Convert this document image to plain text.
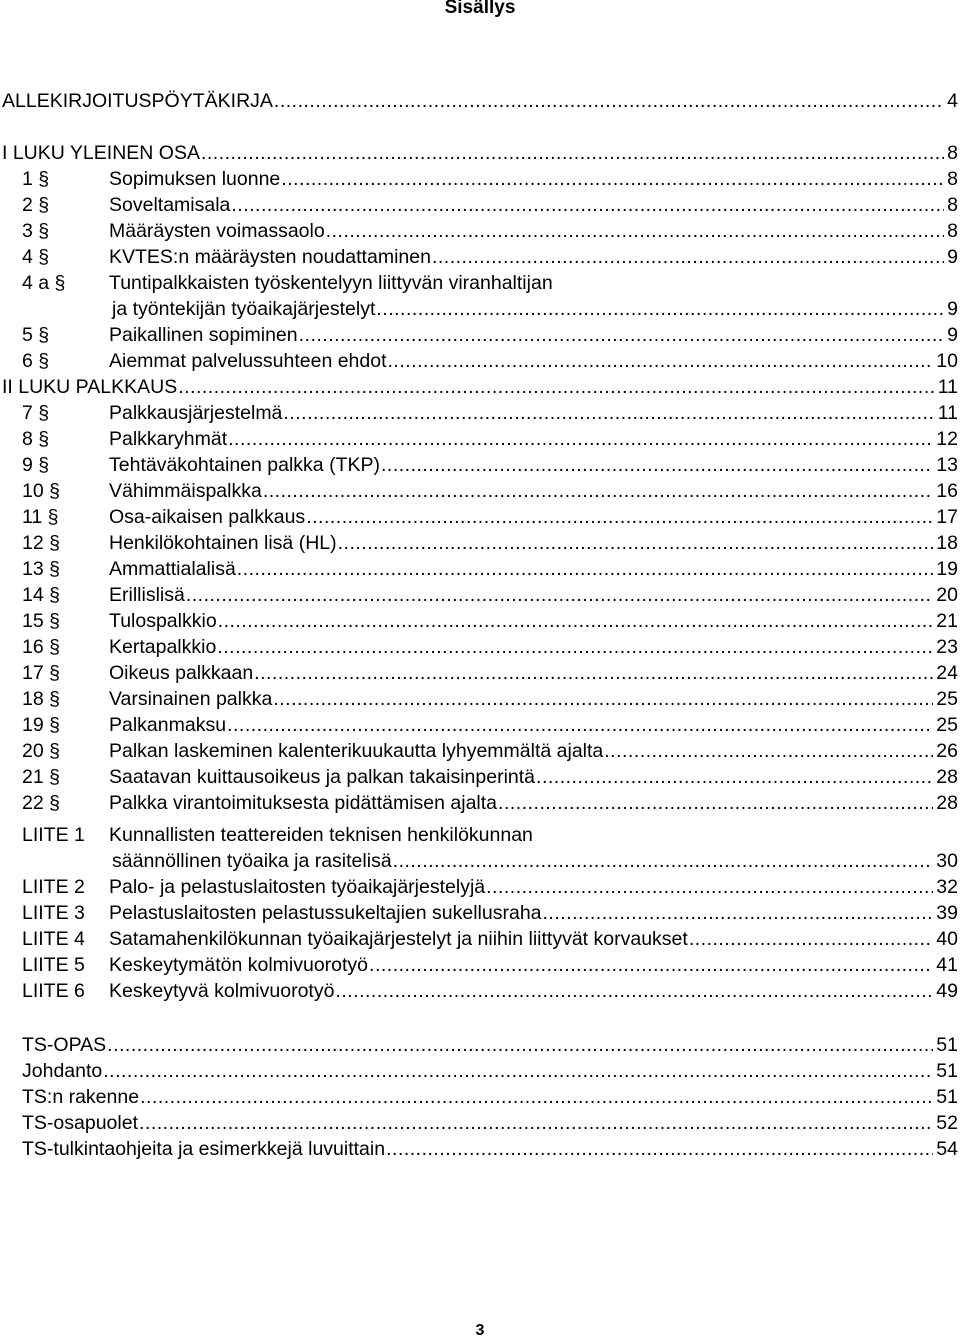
Sisällys
ALLEKIRJOITUSPÖYTÄKIRJA .....	4
I LUKU YLEINEN OSA .....	8
1 §	Sopimuksen luonne .....	8
2 §	Soveltamisala .....	8
3 §	Määräysten voimassaolo .....	8
4 §	KVTES:n määräysten noudattaminen .....	9
4 a § Tuntipalkkaisten työskentelyyn liittyvän viranhaltijan
ja työntekijän työaikajärjestelyt .....	9
5 §	Paikallinen sopiminen .....	9
6 §	Aiemmat palvelussuhteen ehdot .....	10
II LUKU PALKKAUS .....	11
7 §	Palkkausjärjestelmä .....	11
8 §	Palkkaryhmät .....	12
9 §	Tehtäväkohtainen palkka (TKP) .....	13
10 §	Vähimmäispalkka .....	16
11 §	Osa-aikaisen palkkaus .....	17
12 §	Henkilökohtainen lisä (HL) .....	18
13 §	Ammattialalisä .....	19
14 §	Erillislisä .....	20
15 §	Tulospalkkio .....	21
16 §	Kertapalkkio .....	23
17 §	Oikeus palkkaan .....	24
18 §	Varsinainen palkka .....	25
19 §	Palkanmaksu .....	25
20 §	Palkan laskeminen kalenterikuukautta lyhyemmältä ajalta .....	26
21 §	Saatavan kuittausoikeus ja palkan takaisinperintä .....	28
22 §	Palkka virantoimituksesta pidättämisen ajalta .....	28
LIITE 1 Kunnallisten teattereiden teknisen henkilökunnan
säännöllinen työaika ja rasitelisä .....	30
LIITE 2 Palo- ja pelastuslaitosten työaikajärjestelyjä .....	32
LIITE 3 Pelastuslaitosten pelastussukeltajien sukellusraha .....	39
LIITE 4 Satamahenkilökunnan työaikajärjestelyt ja niihin liittyvät korvaukset .....	40
LIITE 5 Keskeytymätön kolmivuorotyö .....	41
LIITE 6 Keskeytyvä kolmivuorotyö .....	49
TS-OPAS .....	51
Johdanto .....	51
TS:n rakenne .....	51
TS-osapuolet .....	52
TS-tulkintaohjeita ja esimerkkejä luvuittain .....	54
3
